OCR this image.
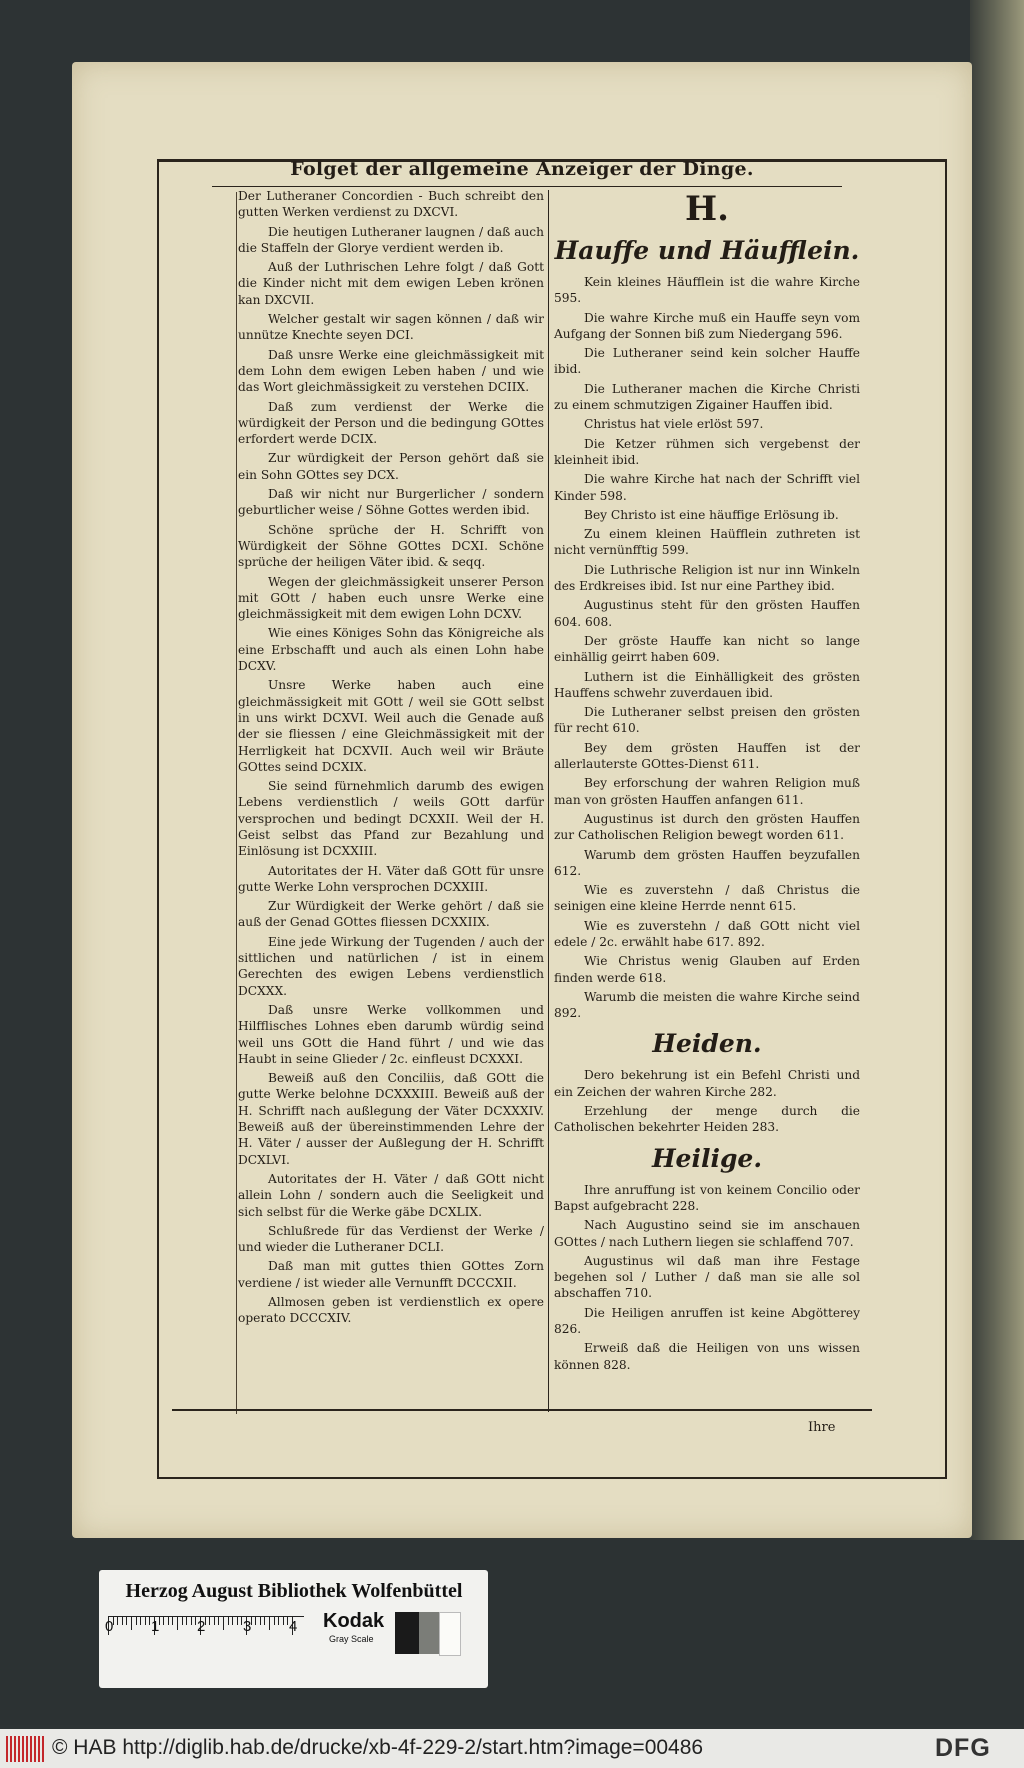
Folget der allgemeine Anzeiger der Dinge.

Der Lutheraner Concordien - Buch schreibt den gutten Werken verdienst zu DXCVI.

Die heutigen Lutheraner laugnen / daß auch die Staffeln der Glorye verdient werden ib.

Auß der Luthrischen Lehre folgt / daß Gott die Kinder nicht mit dem ewigen Leben krönen kan DXCVII.

Welcher gestalt wir sagen können / daß wir unnütze Knechte seyen DCI.

Daß unsre Werke eine gleichmässigkeit mit dem Lohn dem ewigen Leben haben / und wie das Wort gleichmässigkeit zu verstehen DCIIX.

Daß zum verdienst der Werke die würdigkeit der Person und die bedingung GOttes erfordert werde DCIX.

Zur würdigkeit der Person gehört daß sie ein Sohn GOttes sey DCX.

Daß wir nicht nur Burgerlicher / sondern geburtlicher weise / Söhne Gottes werden ibid.

Schöne sprüche der H. Schrifft von Würdigkeit der Söhne GOttes DCXI. Schöne sprüche der heiligen Väter ibid. & seqq.

Wegen der gleichmässigkeit unserer Person mit GOtt / haben euch unsre Werke eine gleichmässigkeit mit dem ewigen Lohn DCXV.

Wie eines Königes Sohn das Königreiche als eine Erbschafft und auch als einen Lohn habe DCXV.

Unsre Werke haben auch eine gleichmässigkeit mit GOtt / weil sie GOtt selbst in uns wirkt DCXVI. Weil auch die Genade auß der sie fliessen / eine Gleichmässigkeit mit der Herrligkeit hat DCXVII. Auch weil wir Bräute GOttes seind DCXIX.

Sie seind fürnehmlich darumb des ewigen Lebens verdienstlich / weils GOtt darfür versprochen und bedingt DCXXII. Weil der H. Geist selbst das Pfand zur Bezahlung und Einlösung ist DCXXIII.

Autoritates der H. Väter daß GOtt für unsre gutte Werke Lohn versprochen DCXXIII.

Zur Würdigkeit der Werke gehört / daß sie auß der Genad GOttes fliessen DCXXIIX.

Eine jede Wirkung der Tugenden / auch der sittlichen und natürlichen / ist in einem Gerechten des ewigen Lebens verdienstlich DCXXX.

Daß unsre Werke vollkommen und Hilfflisches Lohnes eben darumb würdig seind weil uns GOtt die Hand führt / und wie das Haubt in seine Glieder / 2c. einfleust DCXXXI.

Beweiß auß den Conciliis, daß GOtt die gutte Werke belohne DCXXXIII. Beweiß auß der H. Schrifft nach außlegung der Väter DCXXXIV. Beweiß auß der übereinstimmenden Lehre der H. Väter / ausser der Außlegung der H. Schrifft DCXLVI.

Autoritates der H. Väter / daß GOtt nicht allein Lohn / sondern auch die Seeligkeit und sich selbst für die Werke gäbe DCXLIX.

Schlußrede für das Verdienst der Werke / und wieder die Lutheraner DCLI.

Daß man mit guttes thien GOttes Zorn verdiene / ist wieder alle Vernunfft DCCCXII.

Allmosen geben ist verdienstlich ex opere operato DCCCXIV.

H.
Hauffe und Häufflein.

Kein kleines Häufflein ist die wahre Kirche 595.

Die wahre Kirche muß ein Hauffe seyn vom Aufgang der Sonnen biß zum Niedergang 596.

Die Lutheraner seind kein solcher Hauffe ibid.

Die Lutheraner machen die Kirche Christi zu einem schmutzigen Zigainer Hauffen ibid.

Christus hat viele erlöst 597.

Die Ketzer rühmen sich vergebenst der kleinheit ibid.

Die wahre Kirche hat nach der Schrifft viel Kinder 598.

Bey Christo ist eine häuffige Erlösung ib.

Zu einem kleinen Haüfflein zuthreten ist nicht vernünfftig 599.

Die Luthrische Religion ist nur inn Winkeln des Erdkreises ibid. Ist nur eine Parthey ibid.

Augustinus steht für den grösten Hauffen 604. 608.

Der gröste Hauffe kan nicht so lange einhällig geirrt haben 609.

Luthern ist die Einhälligkeit des grösten Hauffens schwehr zuverdauen ibid.

Die Lutheraner selbst preisen den grösten für recht 610.

Bey dem grösten Hauffen ist der allerlauterste GOttes-Dienst 611.

Bey erforschung der wahren Religion muß man von grösten Hauffen anfangen 611.

Augustinus ist durch den grösten Hauffen zur Catholischen Religion bewegt worden 611.

Warumb dem grösten Hauffen beyzufallen 612.

Wie es zuverstehn / daß Christus die seinigen eine kleine Herrde nennt 615.

Wie es zuverstehn / daß GOtt nicht viel edele / 2c. erwählt habe 617. 892.

Wie Christus wenig Glauben auf Erden finden werde 618.

Warumb die meisten die wahre Kirche seind 892.

Heiden.

Dero bekehrung ist ein Befehl Christi und ein Zeichen der wahren Kirche 282.

Erzehlung der menge durch die Catholischen bekehrter Heiden 283.

Heilige.

Ihre anruffung ist von keinem Concilio oder Bapst aufgebracht 228.

Nach Augustino seind sie im anschauen GOttes / nach Luthern liegen sie schlaffend 707.

Augustinus wil daß man ihre Festage begehen sol / Luther / daß man sie alle sol abschaffen 710.

Die Heiligen anruffen ist keine Abgötterey 826.

Erweiß daß die Heiligen von uns wissen können 828.

Ihre
Herzog August Bibliothek Wolfenbüttel
Kodak
Gray Scale
0	1	2	3	4
© HAB http://diglib.hab.de/drucke/xb-4f-229-2/start.htm?image=00486	DFG
